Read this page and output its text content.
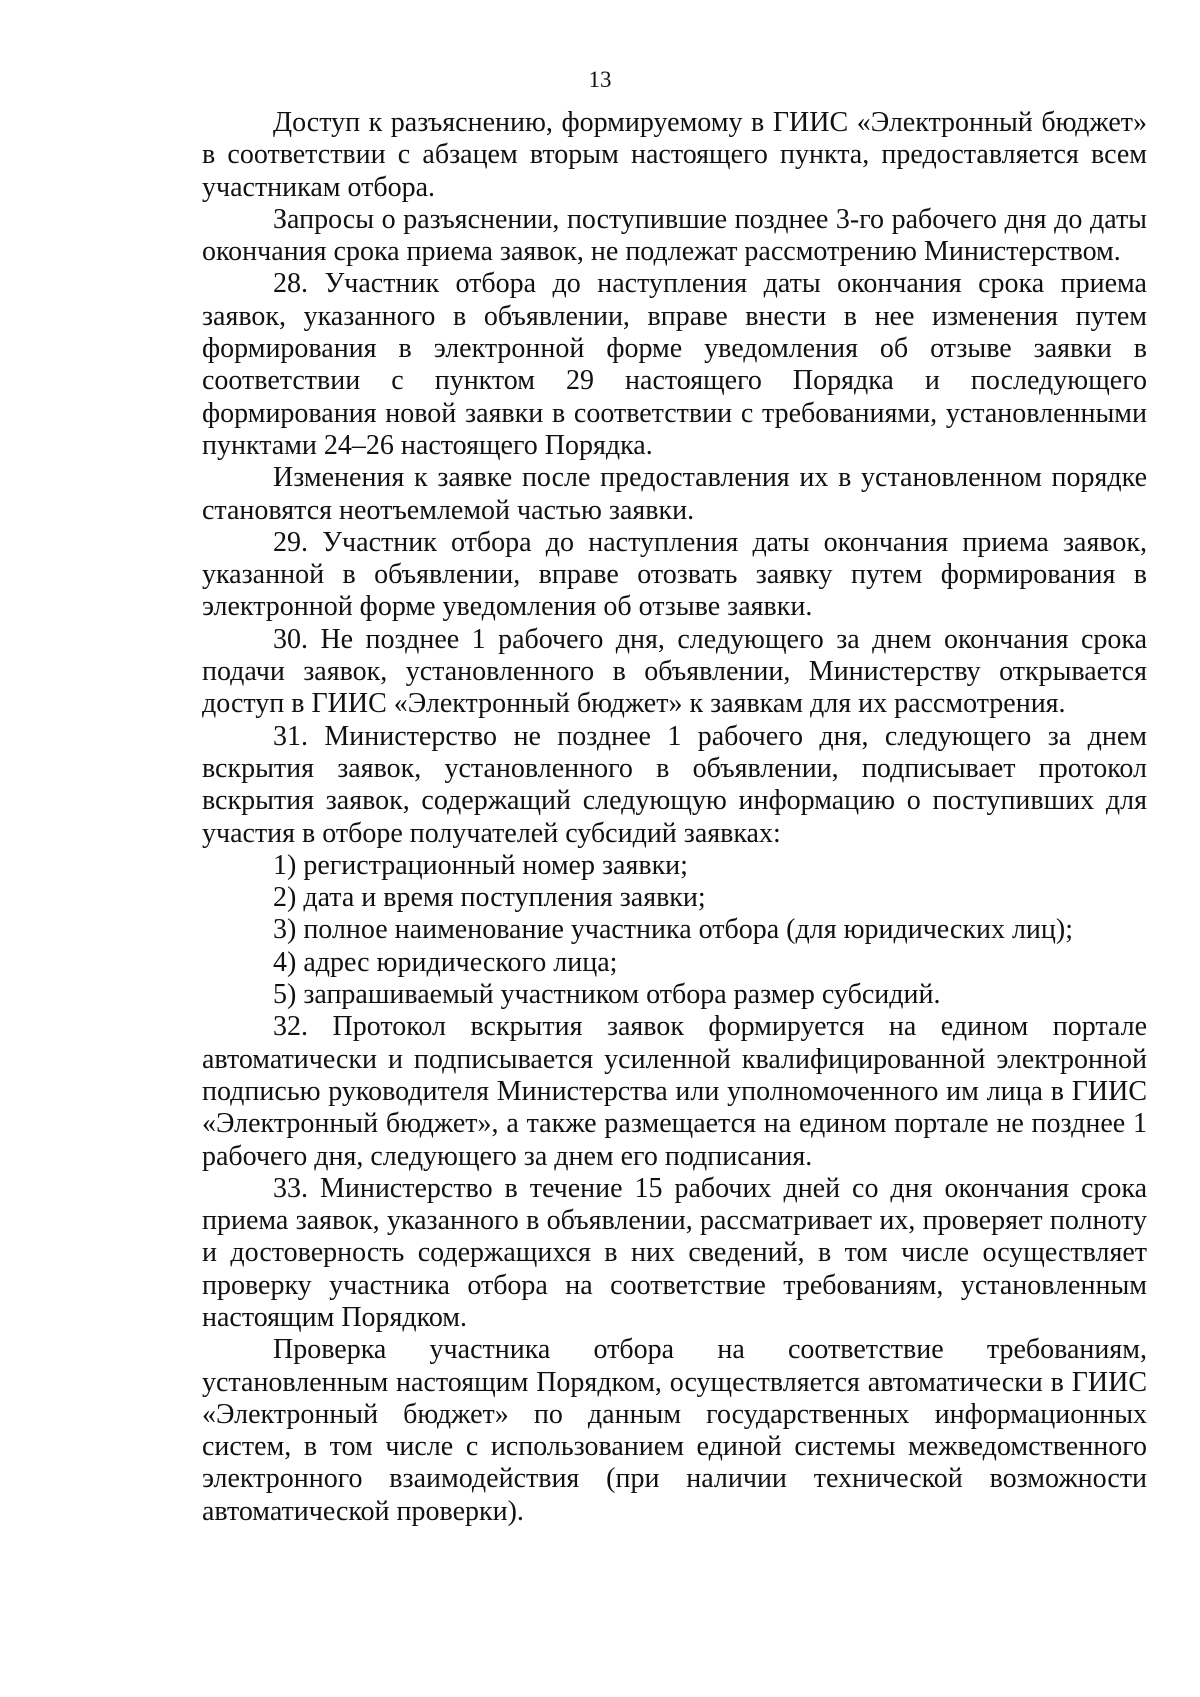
13

Доступ к разъяснению, формируемому в ГИИС «Электронный бюджет» в соответствии с абзацем вторым настоящего пункта, предоставляется всем участникам отбора.

Запросы о разъяснении, поступившие позднее 3-го рабочего дня до даты окончания срока приема заявок, не подлежат рассмотрению Министерством.

28. Участник отбора до наступления даты окончания срока приема заявок, указанного в объявлении, вправе внести в нее изменения путем формирования в электронной форме уведомления об отзыве заявки в соответствии с пунктом 29 настоящего Порядка и последующего формирования новой заявки в соответствии с требованиями, установленными пунктами 24–26 настоящего Порядка.

Изменения к заявке после предоставления их в установленном порядке становятся неотъемлемой частью заявки.

29. Участник отбора до наступления даты окончания приема заявок, указанной в объявлении, вправе отозвать заявку путем формирования в электронной форме уведомления об отзыве заявки.

30. Не позднее 1 рабочего дня, следующего за днем окончания срока подачи заявок, установленного в объявлении, Министерству открывается доступ в ГИИС «Электронный бюджет» к заявкам для их рассмотрения.

31. Министерство не позднее 1 рабочего дня, следующего за днем вскрытия заявок, установленного в объявлении, подписывает протокол вскрытия заявок, содержащий следующую информацию о поступивших для участия в отборе получателей субсидий заявках:

1) регистрационный номер заявки;

2) дата и время поступления заявки;

3) полное наименование участника отбора (для юридических лиц);

4) адрес юридического лица;

5) запрашиваемый участником отбора размер субсидий.

32. Протокол вскрытия заявок формируется на едином портале автоматически и подписывается усиленной квалифицированной электронной подписью руководителя Министерства или уполномоченного им лица в ГИИС «Электронный бюджет», а также размещается на едином портале не позднее 1 рабочего дня, следующего за днем его подписания.

33. Министерство в течение 15 рабочих дней со дня окончания срока приема заявок, указанного в объявлении, рассматривает их, проверяет полноту и достоверность содержащихся в них сведений, в том числе осуществляет проверку участника отбора на соответствие требованиям, установленным настоящим Порядком.

Проверка участника отбора на соответствие требованиям, установленным настоящим Порядком, осуществляется автоматически в ГИИС «Электронный бюджет» по данным государственных информационных систем, в том числе с использованием единой системы межведомственного электронного взаимодействия (при наличии технической возможности автоматической проверки).
